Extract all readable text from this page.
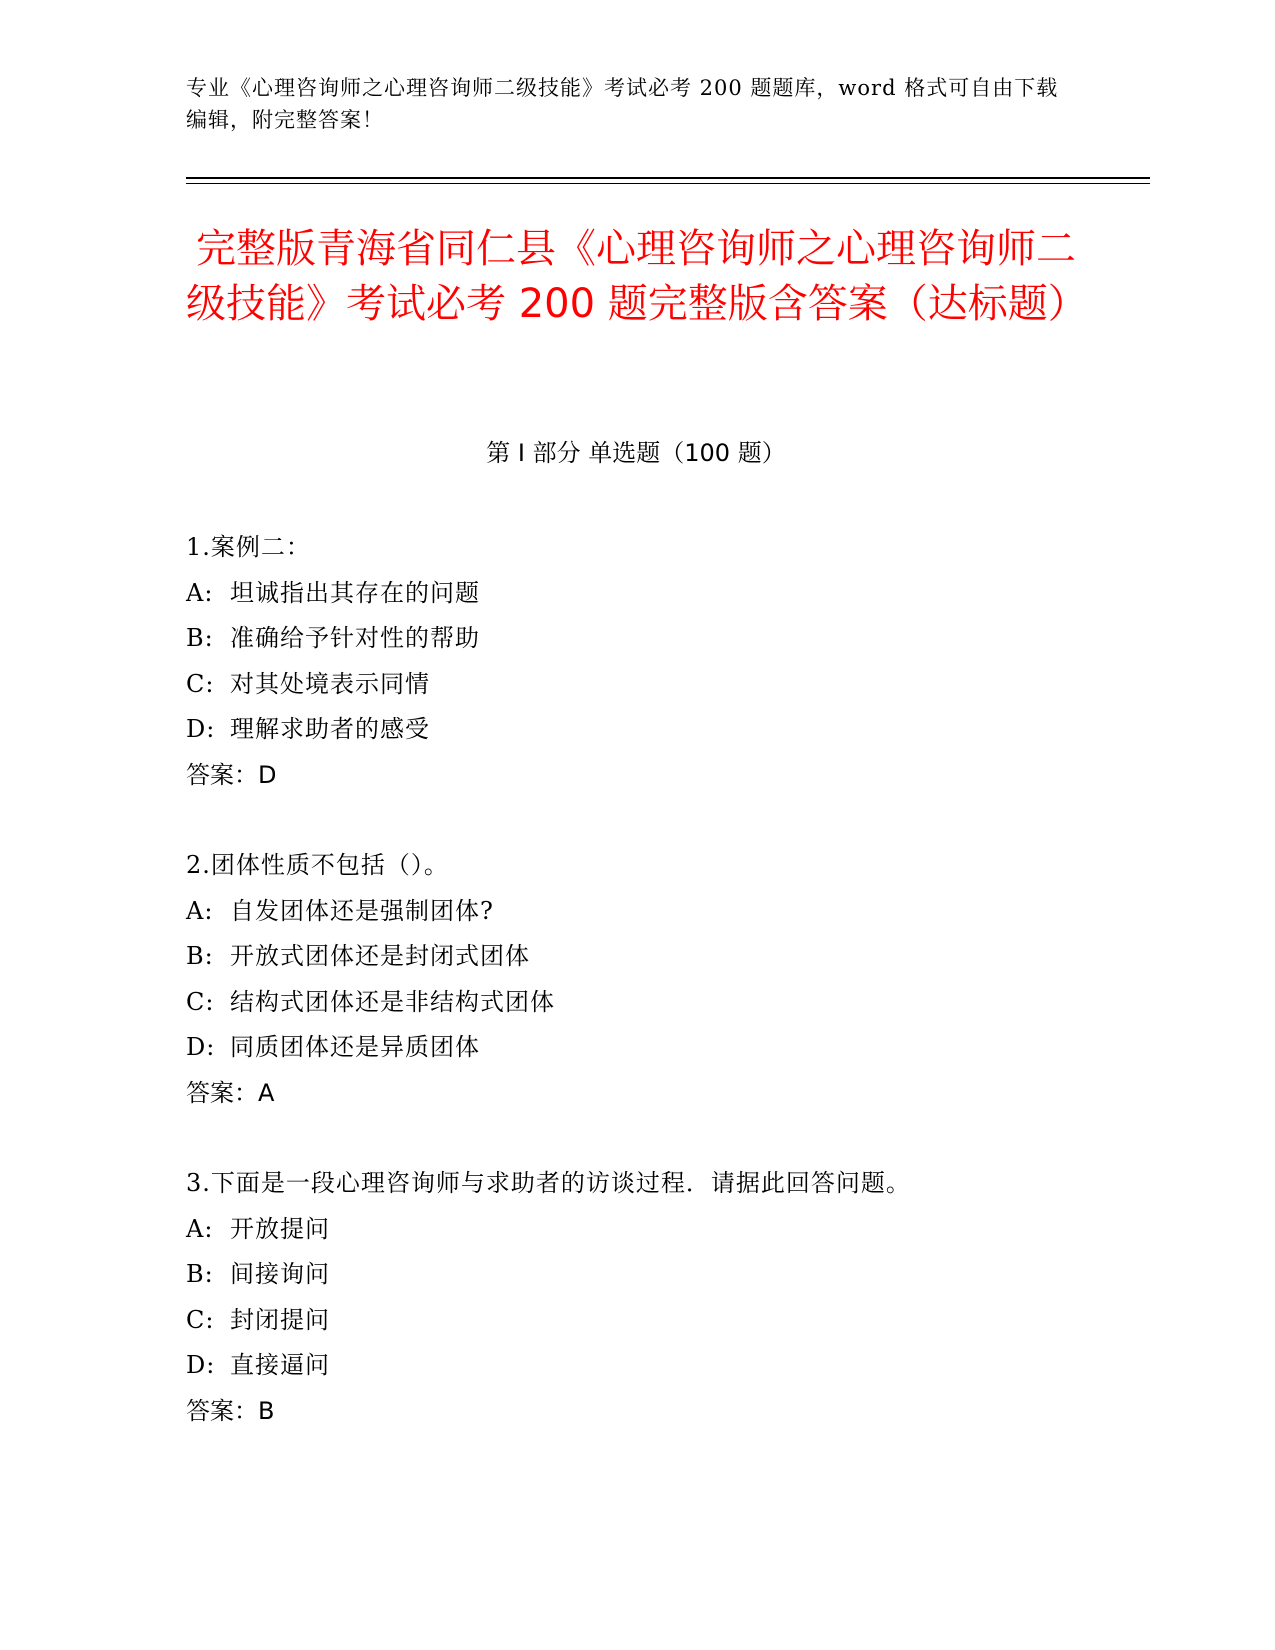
专业《心理咨询师之心理咨询师二级技能》考试必考 200 题题库，word 格式可自由下载编辑，附完整答案！
完整版青海省同仁县《心理咨询师之心理咨询师二级技能》考试必考 200 题完整版含答案（达标题）
第 I 部分 单选题（100 题）
1.案例二：
A: 坦诚指出其存在的问题
B: 准确给予针对性的帮助
C: 对其处境表示同情
D: 理解求助者的感受
答案：D
2.团体性质不包括（）。
A: 自发团体还是强制团体?
B: 开放式团体还是封闭式团体
C: 结构式团体还是非结构式团体
D: 同质团体还是异质团体
答案：A
3.下面是一段心理咨询师与求助者的访谈过程．请据此回答问题。
A: 开放提问
B: 间接询问
C: 封闭提问
D: 直接逼问
答案：B
